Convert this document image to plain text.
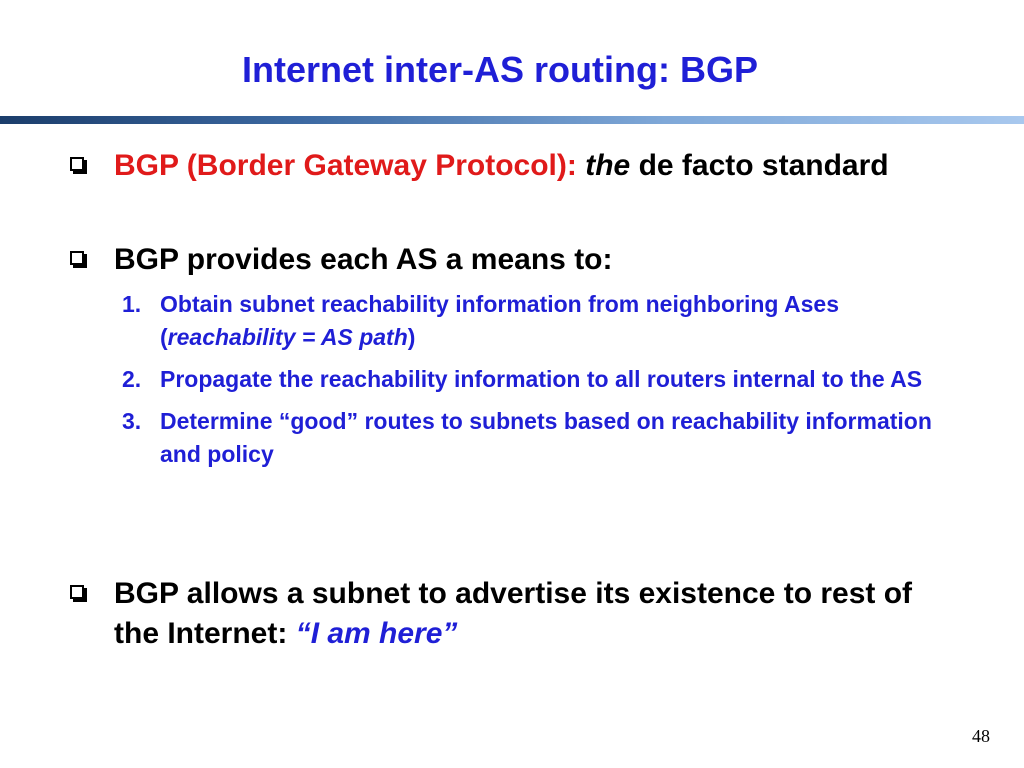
Internet inter-AS routing: BGP
BGP (Border Gateway Protocol): the de facto standard
BGP provides each AS a means to:
1. Obtain subnet reachability information from neighboring Ases (reachability = AS path)
2. Propagate the reachability information to all routers internal to the AS
3. Determine “good” routes to subnets based on reachability information and policy
BGP allows a subnet to advertise its existence to rest of the Internet: “I am here”
48
